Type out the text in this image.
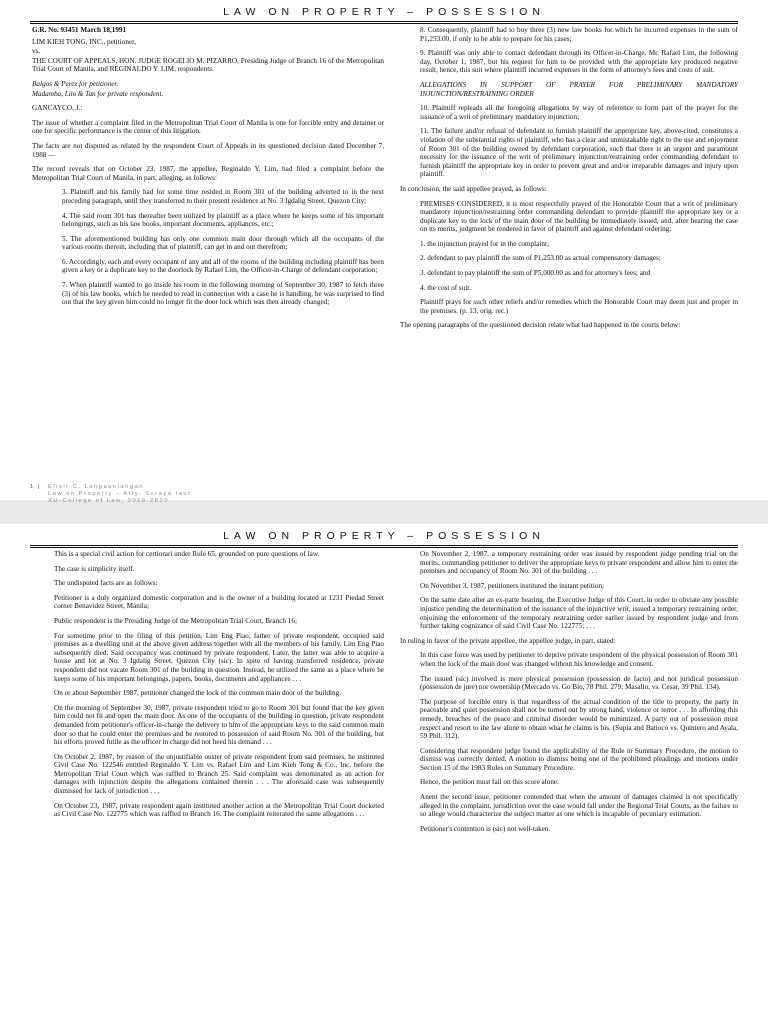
LAW ON PROPERTY – POSSESSION

G.R. No. 93451 March 18,1991

LIM KIEH TONG, INC., petitioner,

vs.

THE COURT OF APPEALS, HON. JUDGE ROGELIO M. PIZARRO, Presiding Judge of Branch 16 of the Metropolitan Trial Court of Manila, and REGINALDO Y. LIM, respondents.

Balgos & Perez for petitioner.

Madamba, Lim & Tan for private respondent.

GANCAYCO, J.:

The issue of whether a complaint filed in the Metropolitan Trial Court of Manila is one for forcible entry and detainer or one for specific performance is the center of this litigation.

The facts are not disputed as related by the respondent Court of Appeals in its questioned decision dated December 7, 1988 —

The record reveals that on October 23, 1987, the appellee, Reginaldo Y. Lim, had filed a complaint before the Metropolitan Trial Court of Manila, in part, alleging, as follows:

3. Plaintiff and his family had for some time resided in Room 301 of the building adverted to in the next preceding paragraph, until they transferred to their present residence at No. 3 Igdalig Street, Quezon City;

4. The said room 301 has thereafter been utilized by plaintiff as a place where he keeps some of his important belongings, such as his law books, important documents, appliances, etc.;

5. The aforementioned building has only one common main door through which all the occupants of the various rooms therein, including that of plaintiff, can get in and out therefrom;

6. Accordingly, each and every occupant of any and all of the rooms of the building including plaintiff has been given a key or a duplicate key to the doorlock by Rafael Lim, the Officer-in-Charge of defendant corporation;

7. When plaintiff wanted to go inside his room in the following morning of September 30, 1987 to fetch three (3) of his law books, which he needed to read in connection with a case he is handling, he was surprised to find out that the key given him could no longer fit the door lock which was then already changed;

8. Consequently, plaintiff had to buy three (3) new law books for which he incurred expenses in the sum of P1,253.00, if only to be able to prepare for his cases;

9. Plaintiff was only able to contact defendant through its Officer-in-Charge, Mr. Rafael Lim, the following day, October 1, 1987, but his request for him to be provided with the appropriate key produced negative result, hence, this suit where plaintiff incurred expenses in the form of attorney's fees and costs of suit.

ALLEGATIONS IN SUPPORT OF PRAYER FOR PRELIMINARY MANDATORY INJUNCTION/RESTRAINING ORDER

10. Plaintiff repleads all the foregoing allegations by way of reference to form part of the prayer for the issuance of a writ of preliminary mandatory injunction;

11. The failure and/or refusal of defendant to furnish plaintiff the appropriate key, above-cited, constitutes a violation of the substantial rights of plaintiff, who has a clear and unmistakable right to the use and enjoyment of Room 301 of the building owned by defendant corporation, such that there is an urgent and paramount necessity for the issuance of the writ of preliminary injunction/restraining order commanding defendant to furnish plaintiff the appropriate key in order to prevent great and and/or irreparable damages and injury upon plaintiff.

In conclusion, the said appellee prayed, as follows:

PREMISES CONSIDERED, it is most respectfully prayed of the Honorable Court that a writ of preliminary mandatory injunction/restraining order commanding defendant to provide plaintiff the appropriate key or a duplicate key to the lock of the main door of the building be immediately issued, and, after hearing the case on its merits, judgment be rendered in favor of plaintiff and against defendant ordering:

1. the injunction prayed for in the complaint;

2. defendant to pay plaintiff the sum of P1,253.00 as actual compensatory damages;

3. defendant to pay plaintiff the sum of P5,000.00 as and for attorney's fees; and

4. the cost of suit.

Plaintiff prays for such other reliefs and/or remedies which the Honorable Court may deem just and proper in the premises. (p. 13, orig. rec.)

The opening paragraphs of the questioned decision relate what had happened in the courts below:

1 |	Elisir C. Langaunlangan
Law on Property – Atty. Soraya Iaut
XU-College of Law, 2019-2020
LAW ON PROPERTY – POSSESSION

This is a special civil action for certiorari under Rule 65, grounded on pure questions of law.

The case is simplicity itself.

The undisputed facts are as follows:

Petitioner is a duly organized domestic corporation and is the owner of a building located at 1231 Piedad Street corner Benavidez Street, Manila;

Public respondent is the Presiding Judge of the Metropolitan Trial Court, Branch 16;

For sometime prior to the filing of this petition, Lim Eng Piao, father of private respondent, occupied said premises as a dwelling unit at the above given address together with all the members of his family. Lim Eng Piao subsequently died. Said occupancy was continued by private respondent. Later, the latter was able to acquire a house and lot at No. 3 Igdalig Street, Quezon City (sic). In spite of having transferred residence, private respondent did not vacate Room 301 of the building in question. Instead, he utilized the same as a place where he keeps some of his important belongings, papers, books, documents and appliances . . .

On or about September 1987, petitioner changed the lock of the common main door of the building.

On the morning of September 30, 1987, private respondent tried to go to Room 301 but found that the key given him could not fit and open the main door. As one of the occupants of the building in question, private respondent demanded from petitioner's officer-in-charge the delivery to him of the appropriate keys to the said common main door so that he could enter the premises and be restored to possession of said Room No. 301 of the building, but his efforts proved futile as the officer in charge did not heed his demand . . .

On October 2, 1987, by reason of the unjustifiable ouster of private respondent from said premises, he instituted Civil Case No. 122546 entitled Reginaldo Y. Lim vs. Rafael Lim and Lim Kieh Tong & Co., Inc. before the Metropolitan Trial Court which was raffled to Branch 25. Said complaint was denominated as an action for damages with injunction despite the allegations contained therein . . . The aforesaid case was subsequently dismissed for lack of jurisdiction . . .

On October 23, 1987, private respondent again instituted another action at the Metropolitan Trial Court docketed as Civil Case No. 122775 which was raffled to Branch 16. The complaint reiterated the same allegations . . .

On November 2, 1987, a temporary restraining order was issued by respondent judge pending trial on the merits, commanding petitioner to deliver the appropriate keys to private respondent and allow him to enter the premises and occupancy of Room No. 301 of the building . . .

On November 3, 1987, petitioners instituted the instant petition;

On the same date after an ex-parte hearing, the Executive Judge of this Court, in order to obviate any possible injustice pending the determination of the issuance of the injunctive writ, issued a temporary restraining order, enjoining the enforcement of the temporary restraining order earlier issued by respondent judge and from further taking cognizance of said Civil Case No. 122775; . . .

In ruling in favor of the private appellee, the appellee judge, in part, stated:

In this case force was used by petitioner to deprive private respondent of the physical possession of Room 301 when the lock of the main door was changed without his knowledge and consent.

The issued (sic) involved is mere physical possession (possession de facto) and not juridical possession (possession de jure) nor ownership (Mercado vs. Go Bio, 78 Phil. 279; Masallo, vs. Cesar, 39 Phil. 134).

The purpose of forcible entry is that regardless of the actual condition of the title to property, the party in peaceable and quiet possession shall not be turned out by strong hand, violence or terror . . . In affording this remedy, breaches of the peace and criminal disorder would be minimized. A party out of possession must respect and resort to the law alone to obtain what he claims is his. (Supia and Batioco vs. Quintero and Ayala, 59 Phil. 312).

Considering that respondent judge found the applicability of the Rule in Summary Procedure, the motion to dismiss was correctly denied. A motion to dismiss being one of the prohibited pleadings and motions under Section 15 of the 1983 Rules on Summary Procedure.

Hence, the petition must fail on this score alone.

Anent the second issue, petitioner contended that when the amount of damages claimed is not specifically alleged in the complaint, jurisdiction over the case would fall under the Regional Trial Courts, as the failure to so allege would characterize the subject matter as one which is incapable of pecuniary estimation.

Petitioner's contention is (sic) not well-taken.
